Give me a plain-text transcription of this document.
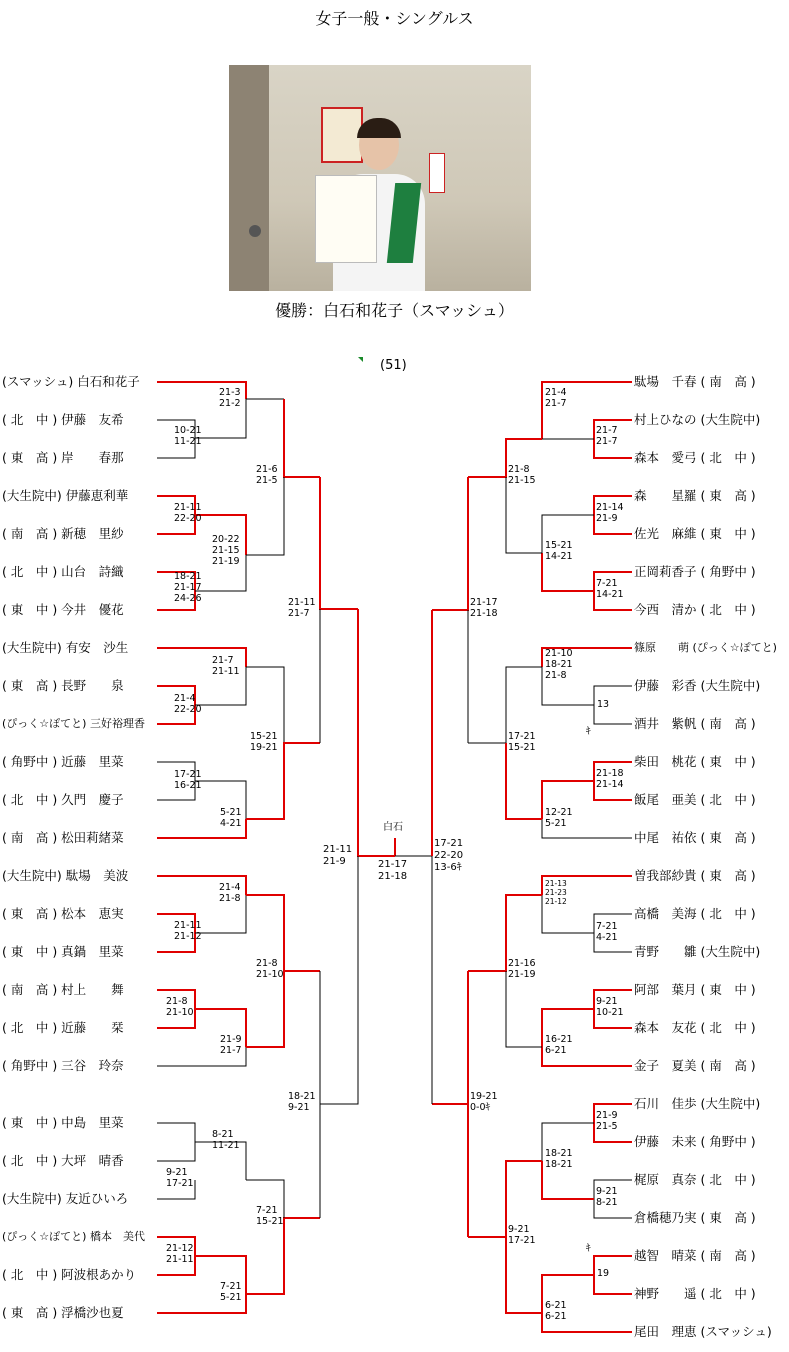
女子一般・シングルス
優勝：白石和花子（スマッシュ）
(51)
(スマッシュ) 白石和花子
( 北　中 ) 伊藤　友希
( 東　高 ) 岸　　春那
(大生院中) 伊藤恵利華
( 南　高 ) 新穂　里紗
( 北　中 ) 山台　詩織
( 東　中 ) 今井　優花
(大生院中) 有安　沙生
( 東　高 ) 長野　　泉
(ぴっく☆ぽてと) 三好裕理香
( 角野中 ) 近藤　里菜
( 北　中 ) 久門　慶子
( 南　高 ) 松田莉緒菜
(大生院中) 駄場　美波
( 東　高 ) 松本　恵実
( 東　中 ) 真鍋　里菜
( 南　高 ) 村上　　舞
( 北　中 ) 近藤　　栞
( 角野中 ) 三谷　玲奈
( 東　中 ) 中島　里菜
( 北　中 ) 大坪　晴香
(大生院中) 友近ひいろ
(ぴっく☆ぽてと) 橋本　美代
( 北　中 ) 阿波根あかり
( 東　高 ) 浮橋沙也夏
駄場　千春 ( 南　高 )
村上ひなの (大生院中)
森本　愛弓 ( 北　中 )
森　　星羅 ( 東　高 )
佐光　麻維 ( 東　中 )
正岡莉香子 ( 角野中 )
今西　清か ( 北　中 )
篠原　　萌 (ぴっく☆ぽてと)
伊藤　彩香 (大生院中)
酒井　紫帆 ( 南　高 )
柴田　桃花 ( 東　中 )
飯尾　亜美 ( 北　中 )
中尾　祐依 ( 東　高 )
曽我部紗貴 ( 東　高 )
高橋　美海 ( 北　中 )
青野　　雛 (大生院中)
阿部　葉月 ( 東　中 )
森本　友花 ( 北　中 )
金子　夏美 ( 南　高 )
石川　佳歩 (大生院中)
伊藤　未来 ( 角野中 )
梶原　真奈 ( 北　中 )
倉橋穂乃実 ( 東　高 )
越智　晴菜 ( 南　高 )
神野　　遥 ( 北　中 )
尾田　理恵 (スマッシュ)
21-3
21-2
10-21
11-21
21-6
21-5
21-11
22-20
20-22
21-15
21-19
18-21
21-17
24-26	21-11
21-7
21-7
21-11
21-4
22-20
15-21
19-21
17-21
16-21
5-21
4-21
21-4
21-8
21-11
21-12
21-8
21-10
21-8
21-10
21-9
21-7
18-21
9-21
8-21
11-21
9-21
17-21
7-21
15-21
21-12
21-11
7-21
5-21
白石
21-11
21-9	21-17
21-18
17-21
22-20
13-6ｷ
21-4
21-7
21-7
21-7
21-8
21-15
21-14
21-9
15-21
14-21
7-21
14-21
21-17
21-18
21-10
18-21
21-8
13
ｷ
17-21
15-21
21-18
21-14
12-21
5-21
21-13
21-23
21-12
7-21
4-21
21-16
21-19
9-21
10-21
16-21
6-21
19-21
0-0ｷ
21-9
21-5
18-21
18-21
9-21
8-21
9-21
17-21
ｷ
19
6-21
6-21
